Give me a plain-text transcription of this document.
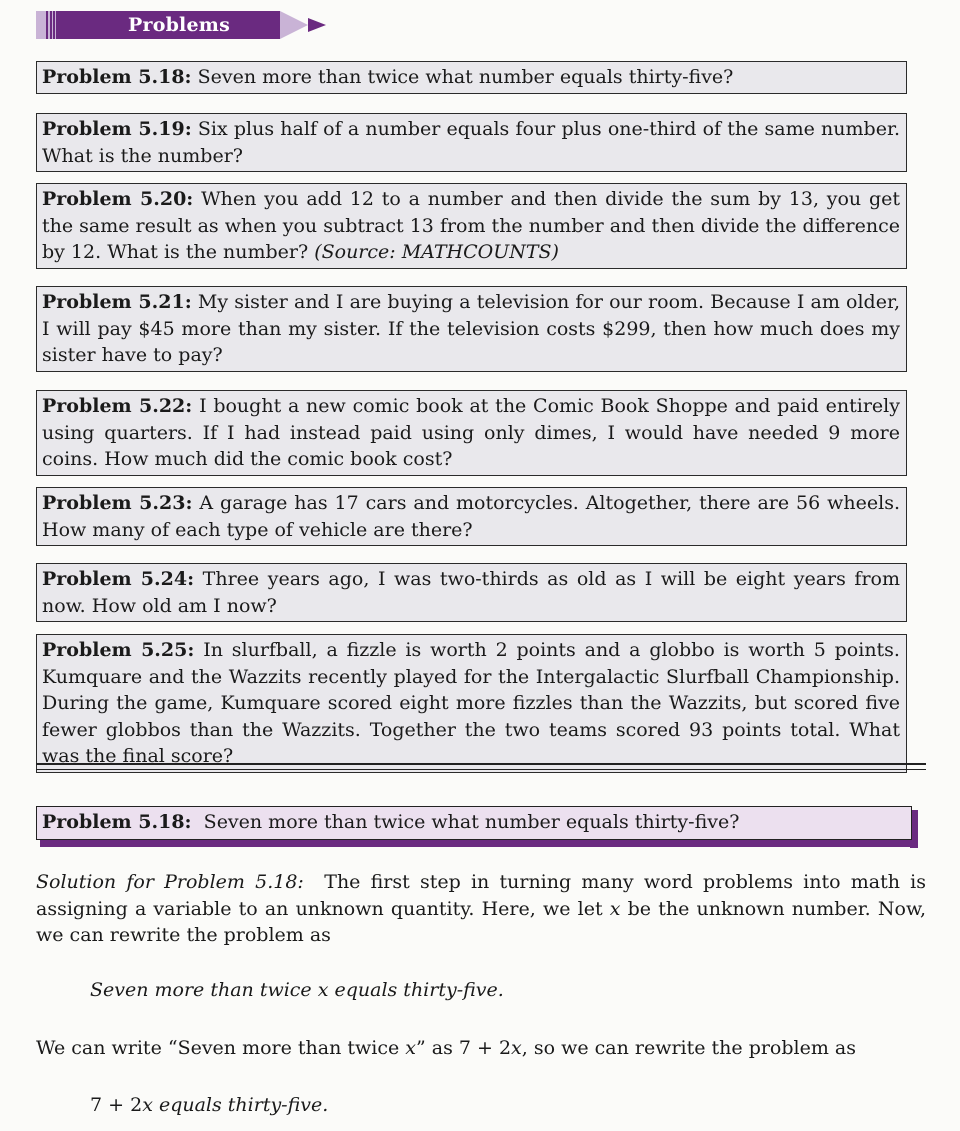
Problems
Problem 5.18: Seven more than twice what number equals thirty-five?
Problem 5.19: Six plus half of a number equals four plus one-third of the same number. What is the number?
Problem 5.20: When you add 12 to a number and then divide the sum by 13, you get the same result as when you subtract 13 from the number and then divide the difference by 12. What is the number? (Source: MATHCOUNTS)
Problem 5.21: My sister and I are buying a television for our room. Because I am older, I will pay $45 more than my sister. If the television costs $299, then how much does my sister have to pay?
Problem 5.22: I bought a new comic book at the Comic Book Shoppe and paid entirely using quarters. If I had instead paid using only dimes, I would have needed 9 more coins. How much did the comic book cost?
Problem 5.23: A garage has 17 cars and motorcycles. Altogether, there are 56 wheels. How many of each type of vehicle are there?
Problem 5.24: Three years ago, I was two-thirds as old as I will be eight years from now. How old am I now?
Problem 5.25: In slurfball, a fizzle is worth 2 points and a globbo is worth 5 points. Kumquare and the Wazzits recently played for the Intergalactic Slurfball Championship. During the game, Kumquare scored eight more fizzles than the Wazzits, but scored five fewer globbos than the Wazzits. Together the two teams scored 93 points total. What was the final score?
Problem 5.18: Seven more than twice what number equals thirty-five?
Solution for Problem 5.18: The first step in turning many word problems into math is assigning a variable to an unknown quantity. Here, we let x be the unknown number. Now, we can rewrite the problem as
Seven more than twice x equals thirty-five.
We can write “Seven more than twice x” as 7 + 2x, so we can rewrite the problem as
7 + 2x equals thirty-five.
